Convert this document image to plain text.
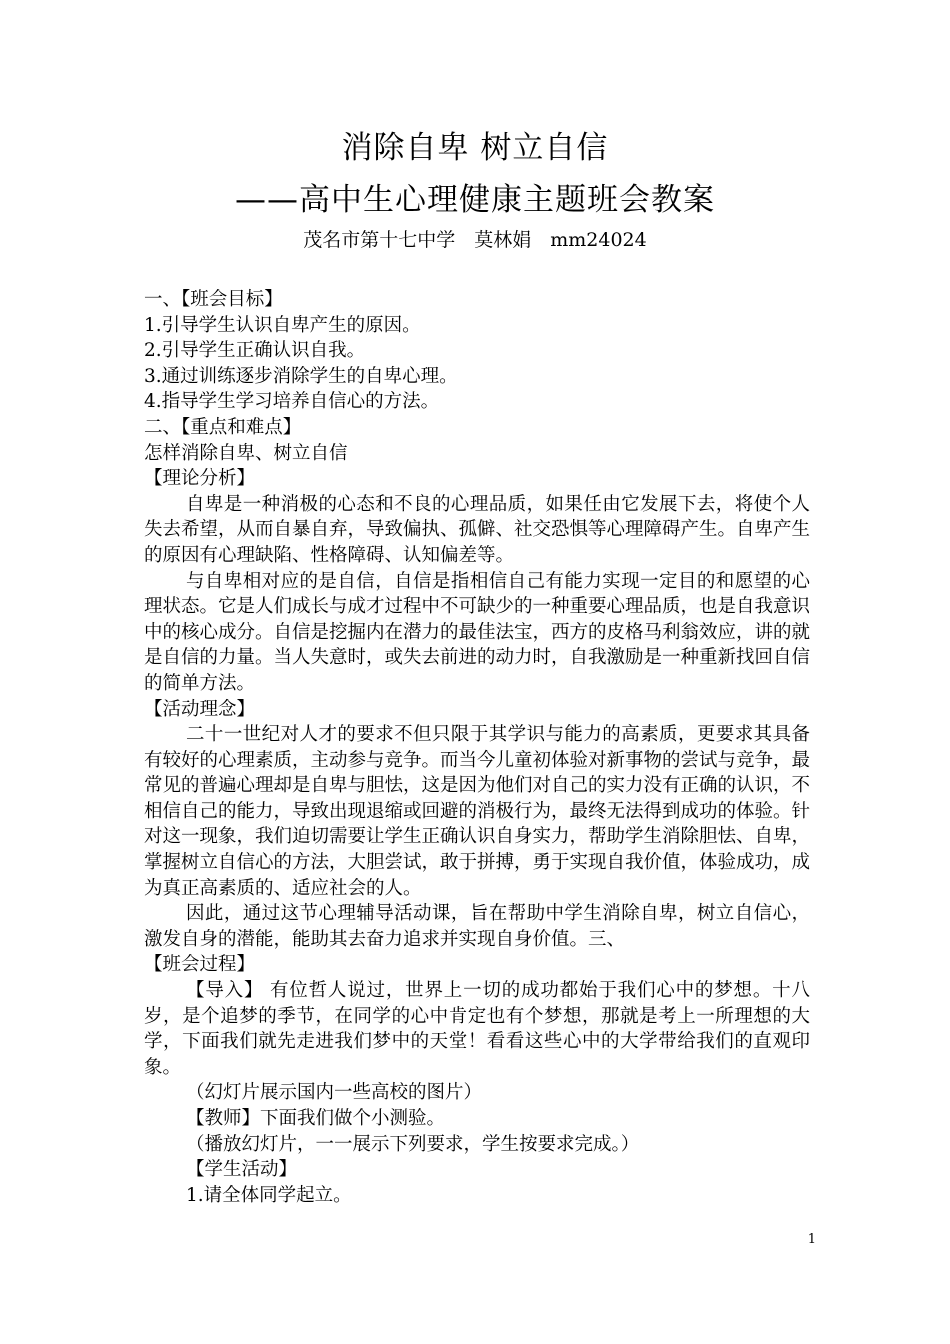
消除自卑 树立自信
——高中生心理健康主题班会教案
茂名市第十七中学　莫林娟　mm24024

一、【班会目标】

1.引导学生认识自卑产生的原因。

2.引导学生正确认识自我。

3.通过训练逐步消除学生的自卑心理。

4.指导学生学习培养自信心的方法。

二、【重点和难点】

怎样消除自卑、树立自信

【理论分析】

自卑是一种消极的心态和不良的心理品质，如果任由它发展下去，将使个人失去希望，从而自暴自弃，导致偏执、孤僻、社交恐惧等心理障碍产生。自卑产生的原因有心理缺陷、性格障碍、认知偏差等。

与自卑相对应的是自信，自信是指相信自己有能力实现一定目的和愿望的心理状态。它是人们成长与成才过程中不可缺少的一种重要心理品质，也是自我意识中的核心成分。自信是挖掘内在潜力的最佳法宝，西方的皮格马利翁效应，讲的就是自信的力量。当人失意时，或失去前进的动力时，自我激励是一种重新找回自信的简单方法。

【活动理念】

二十一世纪对人才的要求不但只限于其学识与能力的高素质，更要求其具备有较好的心理素质，主动参与竞争。而当今儿童初体验对新事物的尝试与竞争，最常见的普遍心理却是自卑与胆怯，这是因为他们对自己的实力没有正确的认识，不相信自己的能力，导致出现退缩或回避的消极行为，最终无法得到成功的体验。针对这一现象，我们迫切需要让学生正确认识自身实力，帮助学生消除胆怯、自卑，掌握树立自信心的方法，大胆尝试，敢于拼搏，勇于实现自我价值，体验成功，成为真正高素质的、适应社会的人。

因此，通过这节心理辅导活动课，旨在帮助中学生消除自卑，树立自信心，激发自身的潜能，能助其去奋力追求并实现自身价值。三、

【班会过程】

【导入】 有位哲人说过，世界上一切的成功都始于我们心中的梦想。十八岁，是个追梦的季节，在同学的心中肯定也有个梦想，那就是考上一所理想的大学，下面我们就先走进我们梦中的天堂！看看这些心中的大学带给我们的直观印象。

（幻灯片展示国内一些高校的图片）

【教师】下面我们做个小测验。

（播放幻灯片，一一展示下列要求，学生按要求完成。）

【学生活动】

1.请全体同学起立。

1
